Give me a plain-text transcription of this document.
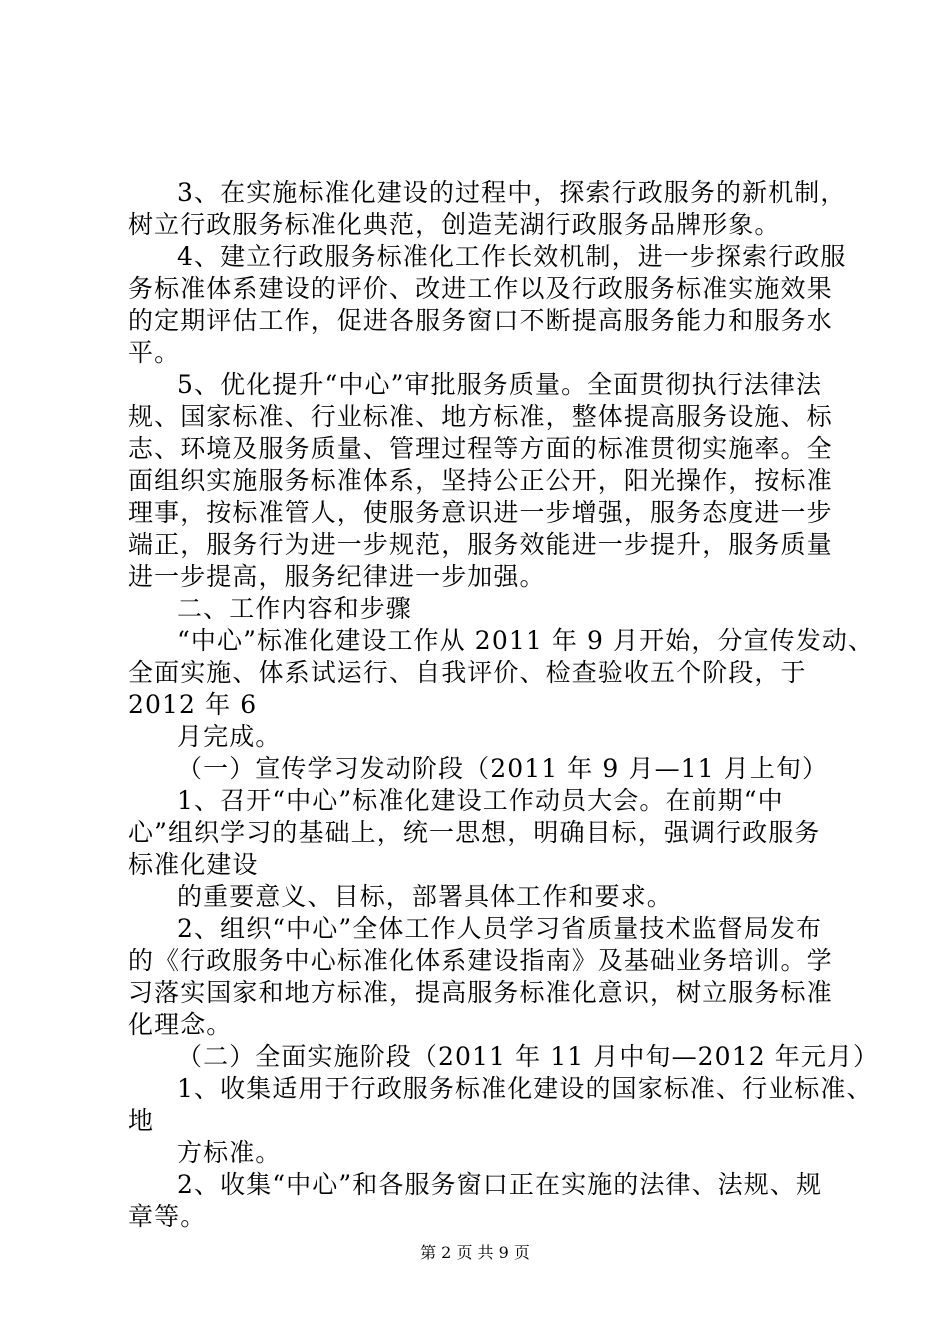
3、在实施标准化建设的过程中，探索行政服务的新机制，
树立行政服务标准化典范，创造芜湖行政服务品牌形象。
4、建立行政服务标准化工作长效机制，进一步探索行政服
务标准体系建设的评价、改进工作以及行政服务标准实施效果
的定期评估工作，促进各服务窗口不断提高服务能力和服务水
平。
5、优化提升“中心”审批服务质量。全面贯彻执行法律法
规、国家标准、行业标准、地方标准，整体提高服务设施、标
志、环境及服务质量、管理过程等方面的标准贯彻实施率。全
面组织实施服务标准体系，坚持公正公开，阳光操作，按标准
理事，按标准管人，使服务意识进一步增强，服务态度进一步
端正，服务行为进一步规范，服务效能进一步提升，服务质量
进一步提高，服务纪律进一步加强。
二、工作内容和步骤
“中心”标准化建设工作从 2011 年 9 月开始，分宣传发动、
全面实施、体系试运行、自我评价、检查验收五个阶段，于
2012 年 6
月完成。
（一）宣传学习发动阶段（2011 年 9 月—11 月上旬）
1、召开“中心”标准化建设工作动员大会。在前期“中
心”组织学习的基础上，统一思想，明确目标，强调行政服务
标准化建设
的重要意义、目标，部署具体工作和要求。
2、组织“中心”全体工作人员学习省质量技术监督局发布
的《行政服务中心标准化体系建设指南》及基础业务培训。学
习落实国家和地方标准，提高服务标准化意识，树立服务标准
化理念。
（二）全面实施阶段（2011 年 11 月中旬—2012 年元月）
1、收集适用于行政服务标准化建设的国家标准、行业标准、
地
方标准。
2、收集“中心”和各服务窗口正在实施的法律、法规、规
章等。
第 2 页 共 9 页
